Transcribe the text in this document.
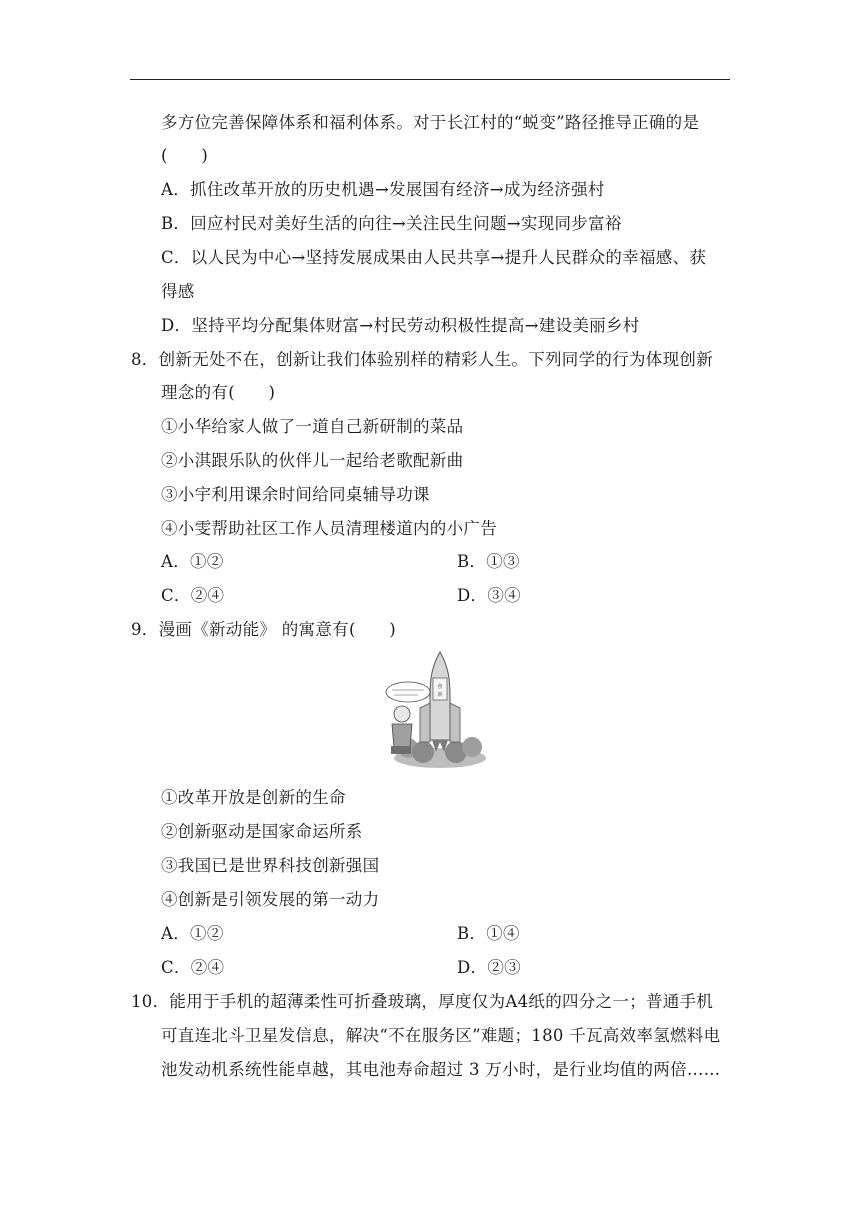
多方位完善保障体系和福利体系。对于长江村的“蜕变”路径推导正确的是
(　　)
A．抓住改革开放的历史机遇→发展国有经济→成为经济强村
B．回应村民对美好生活的向往→关注民生问题→实现同步富裕
C．以人民为中心→坚持发展成果由人民共享→提升人民群众的幸福感、获
得感
D．坚持平均分配集体财富→村民劳动积极性提高→建设美丽乡村
8．创新无处不在，创新让我们体验别样的精彩人生。下列同学的行为体现创新
理念的有(　　)
①小华给家人做了一道自己新研制的菜品
②小淇跟乐队的伙伴儿一起给老歌配新曲
③小宇利用课余时间给同桌辅导功课
④小雯帮助社区工作人员清理楼道内的小广告
A．①②	B．①③
C．②④	D．③④
9．漫画《新动能》 的寓意有(　　)
创
新
①改革开放是创新的生命
②创新驱动是国家命运所系
③我国已是世界科技创新强国
④创新是引领发展的第一动力
A．①②	B．①④
C．②④	D．②③
10．能用于手机的超薄柔性可折叠玻璃，厚度仅为A4纸的四分之一；普通手机
可直连北斗卫星发信息，解决“不在服务区”难题；180 千瓦高效率氢燃料电
池发动机系统性能卓越，其电池寿命超过 3 万小时，是行业均值的两倍……
